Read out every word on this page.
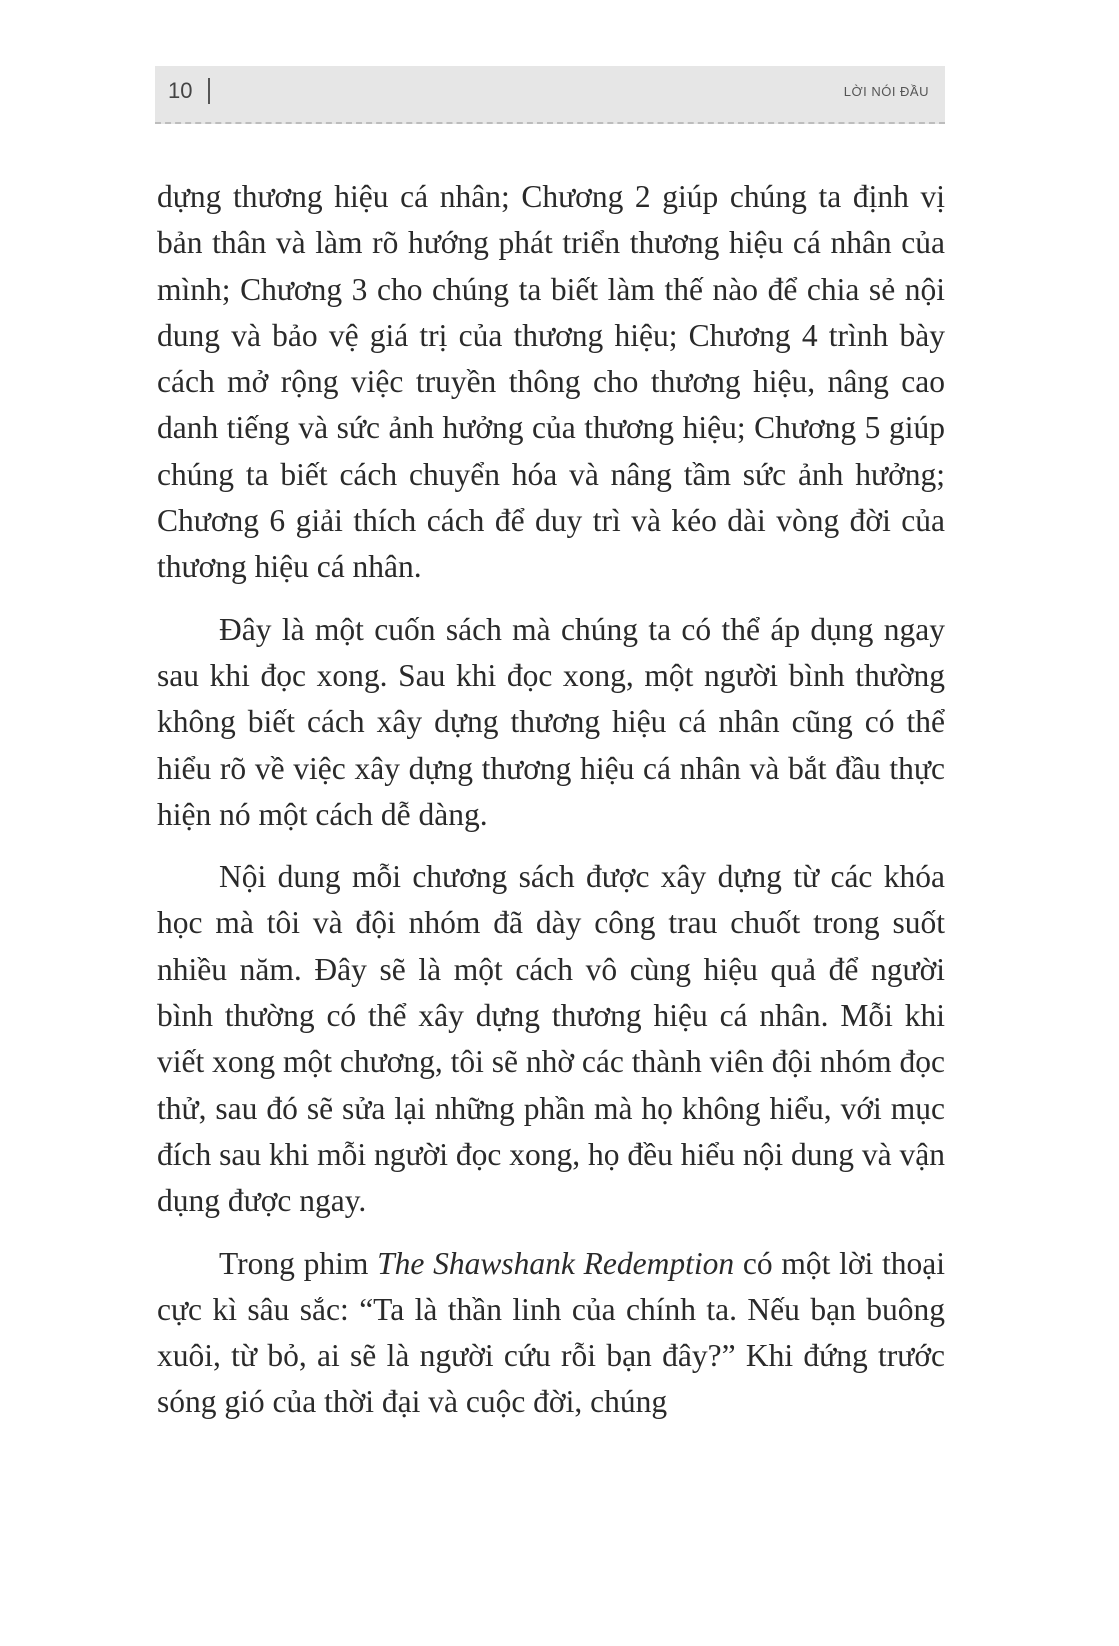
10	LỜI NÓI ĐẦU

dựng thương hiệu cá nhân; Chương 2 giúp chúng ta định vị bản thân và làm rõ hướng phát triển thương hiệu cá nhân của mình; Chương 3 cho chúng ta biết làm thế nào để chia sẻ nội dung và bảo vệ giá trị của thương hiệu; Chương 4 trình bày cách mở rộng việc truyền thông cho thương hiệu, nâng cao danh tiếng và sức ảnh hưởng của thương hiệu; Chương 5 giúp chúng ta biết cách chuyển hóa và nâng tầm sức ảnh hưởng; Chương 6 giải thích cách để duy trì và kéo dài vòng đời của thương hiệu cá nhân.

Đây là một cuốn sách mà chúng ta có thể áp dụng ngay sau khi đọc xong. Sau khi đọc xong, một người bình thường không biết cách xây dựng thương hiệu cá nhân cũng có thể hiểu rõ về việc xây dựng thương hiệu cá nhân và bắt đầu thực hiện nó một cách dễ dàng.

Nội dung mỗi chương sách được xây dựng từ các khóa học mà tôi và đội nhóm đã dày công trau chuốt trong suốt nhiều năm. Đây sẽ là một cách vô cùng hiệu quả để người bình thường có thể xây dựng thương hiệu cá nhân. Mỗi khi viết xong một chương, tôi sẽ nhờ các thành viên đội nhóm đọc thử, sau đó sẽ sửa lại những phần mà họ không hiểu, với mục đích sau khi mỗi người đọc xong, họ đều hiểu nội dung và vận dụng được ngay.

Trong phim The Shawshank Redemption có một lời thoại cực kì sâu sắc: “Ta là thần linh của chính ta. Nếu bạn buông xuôi, từ bỏ, ai sẽ là người cứu rỗi bạn đây?” Khi đứng trước sóng gió của thời đại và cuộc đời, chúng
